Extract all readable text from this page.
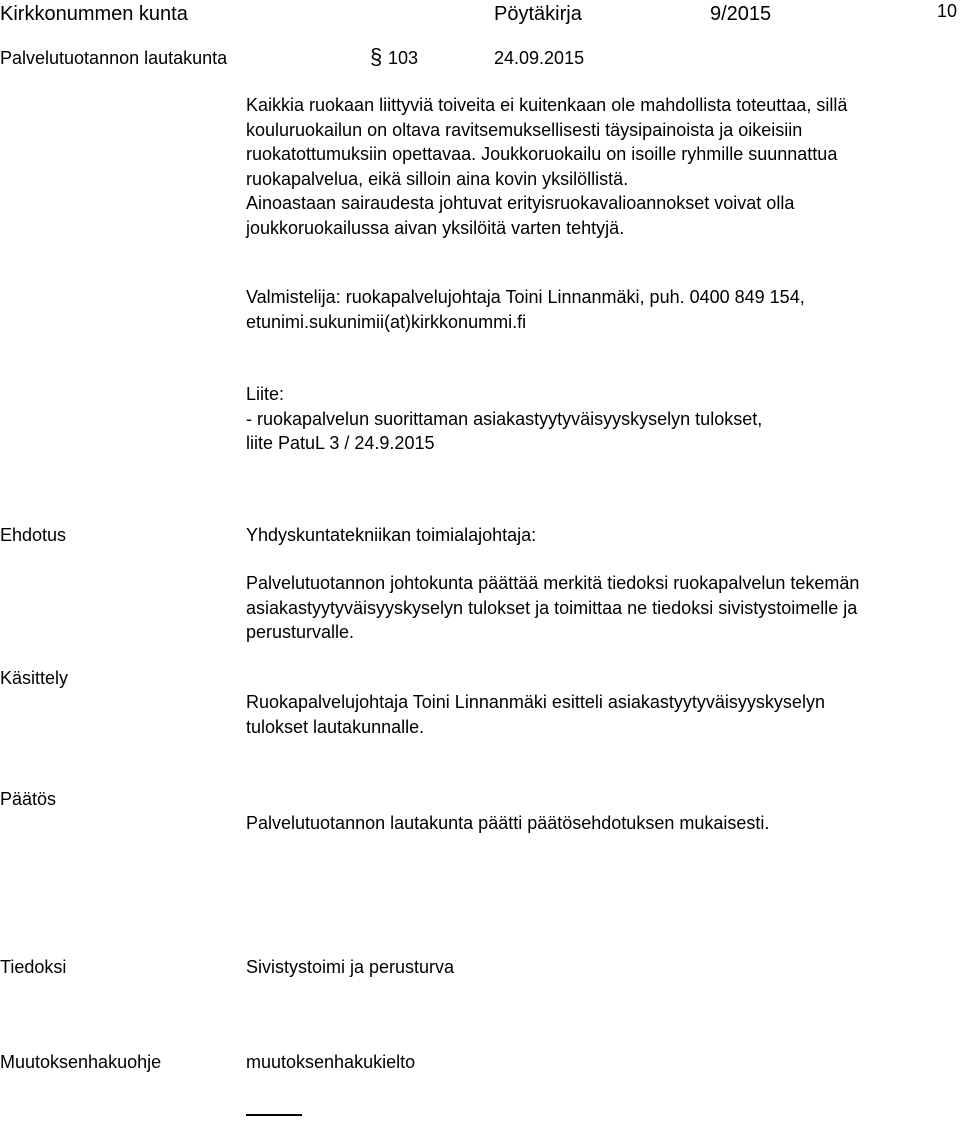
Kirkkonummen kunta	Pöytäkirja	9/2015	10
Palvelutuotannon lautakunta	§ 103	24.09.2015
Kaikkia ruokaan liittyviä toiveita ei kuitenkaan ole mahdollista toteuttaa, sillä
kouluruokailun on oltava ravitsemuksellisesti täysipainoista ja oikeisiin
ruokatottumuksiin opettavaa. Joukkoruokailu on isoille ryhmille suunnattua
ruokapalvelua, eikä silloin aina kovin yksilöllistä.
Ainoastaan sairaudesta johtuvat erityisruokavalioannokset voivat olla
joukkoruokailussa aivan yksilöitä varten tehtyjä.
Valmistelija: ruokapalvelujohtaja Toini Linnanmäki, puh. 0400 849 154,
etunimi.sukunimii(at)kirkkonummi.fi
Liite:
- ruokapalvelun suorittaman asiakastyytyväisyyskyselyn tulokset,
liite PatuL 3 / 24.9.2015
Ehdotus	Yhdyskuntatekniikan toimialajohtaja:
Palvelutuotannon johtokunta päättää merkitä tiedoksi ruokapalvelun tekemän
asiakastyytyväisyyskyselyn tulokset ja toimittaa ne tiedoksi sivistystoimelle ja
perusturvalle.
Käsittely
Ruokapalvelujohtaja Toini Linnanmäki esitteli asiakastyytyväisyyskyselyn
tulokset lautakunnalle.
Päätös
Palvelutuotannon lautakunta päätti päätösehdotuksen mukaisesti.
Tiedoksi	Sivistystoimi ja perusturva
Muutoksenhakuohje	muutoksenhakukielto
